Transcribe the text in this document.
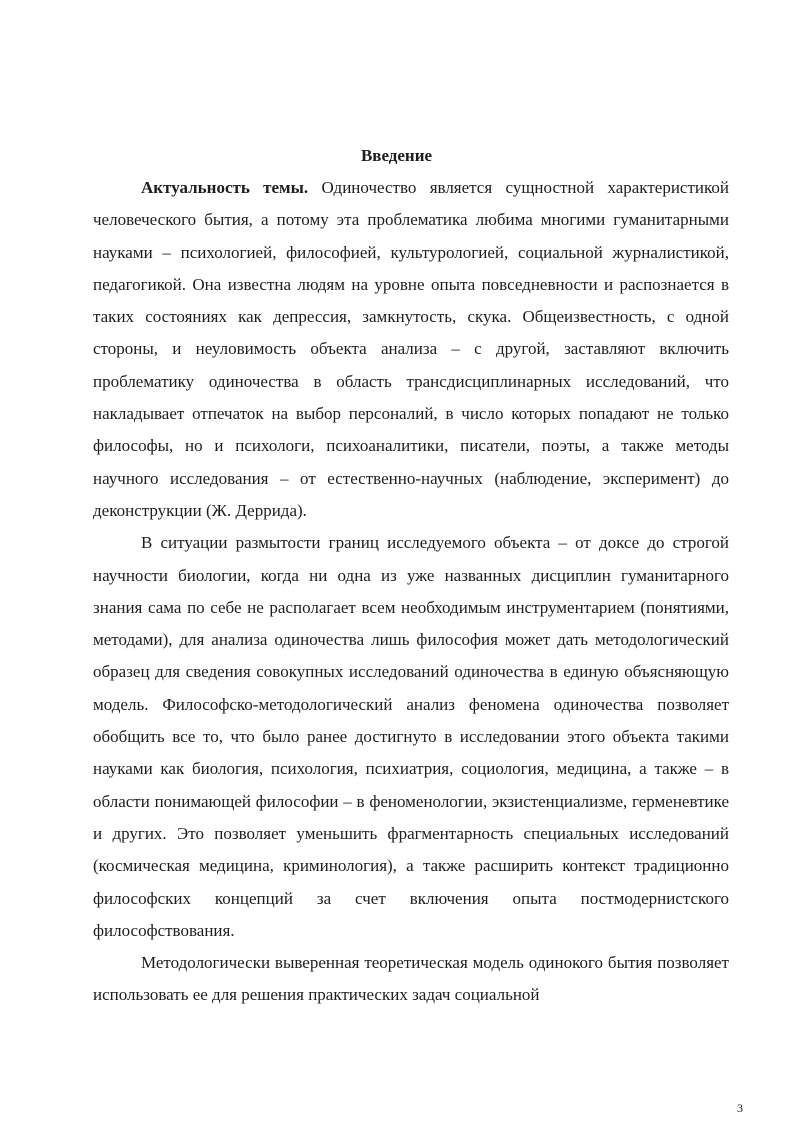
Введение

Актуальность темы. Одиночество является сущностной характеристикой человеческого бытия, а потому эта проблематика любима многими гуманитарными науками – психологией, философией, культурологией, социальной журналистикой, педагогикой. Она известна людям на уровне опыта повседневности и распознается в таких состояниях как депрессия, замкнутость, скука. Общеизвестность, с одной стороны, и неуловимость объекта анализа – с другой, заставляют включить проблематику одиночества в область трансдисциплинарных исследований, что накладывает отпечаток на выбор персоналий, в число которых попадают не только философы, но и психологи, психоаналитики, писатели, поэты, а также методы научного исследования – от естественно-научных (наблюдение, эксперимент) до деконструкции (Ж. Деррида).

В ситуации размытости границ исследуемого объекта – от доксе до строгой научности биологии, когда ни одна из уже названных дисциплин гуманитарного знания сама по себе не располагает всем необходимым инструментарием (понятиями, методами), для анализа одиночества лишь философия может дать методологический образец для сведения совокупных исследований одиночества в единую объясняющую модель. Философско-методологический анализ феномена одиночества позволяет обобщить все то, что было ранее достигнуто в исследовании этого объекта такими науками как биология, психология, психиатрия, социология, медицина, а также – в области понимающей философии – в феноменологии, экзистенциализме, герменевтике и других. Это позволяет уменьшить фрагментарность специальных исследований (космическая медицина, криминология), а также расширить контекст традиционно философских концепций за счет включения опыта постмодернистского философствования.

Методологически выверенная теоретическая модель одинокого бытия позволяет использовать ее для решения практических задач социальной

3
